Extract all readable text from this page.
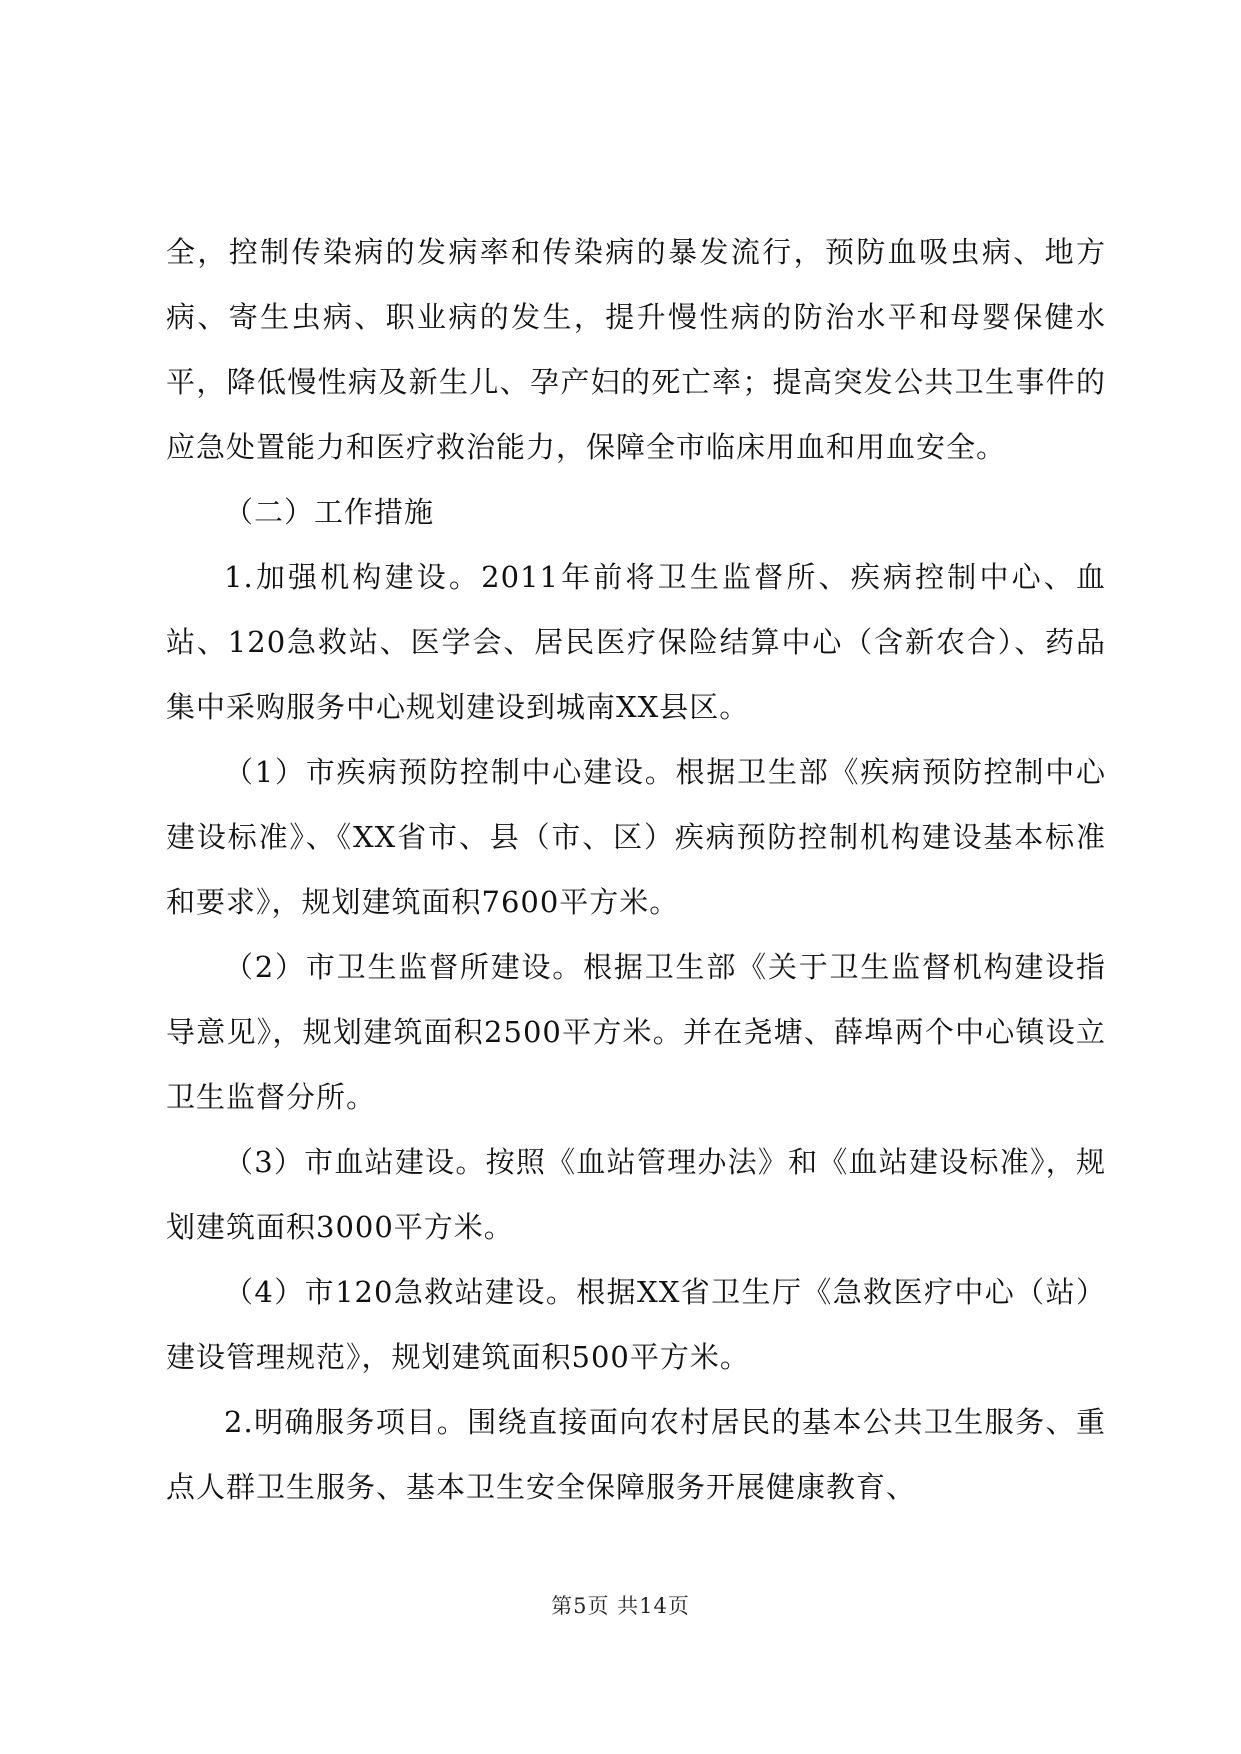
全，控制传染病的发病率和传染病的暴发流行，预防血吸虫病、地方病、寄生虫病、职业病的发生，提升慢性病的防治水平和母婴保健水平，降低慢性病及新生儿、孕产妇的死亡率；提高突发公共卫生事件的应急处置能力和医疗救治能力，保障全市临床用血和用血安全。

（二）工作措施

1.加强机构建设。2011年前将卫生监督所、疾病控制中心、血站、120急救站、医学会、居民医疗保险结算中心（含新农合）、药品集中采购服务中心规划建设到城南XX县区。

（1）市疾病预防控制中心建设。根据卫生部《疾病预防控制中心建设标准》、《XX省市、县（市、区）疾病预防控制机构建设基本标准和要求》，规划建筑面积7600平方米。

（2）市卫生监督所建设。根据卫生部《关于卫生监督机构建设指导意见》，规划建筑面积2500平方米。并在尧塘、薛埠两个中心镇设立卫生监督分所。

（3）市血站建设。按照《血站管理办法》和《血站建设标准》，规划建筑面积3000平方米。

（4）市120急救站建设。根据XX省卫生厅《急救医疗中心（站）建设管理规范》，规划建筑面积500平方米。

2.明确服务项目。围绕直接面向农村居民的基本公共卫生服务、重点人群卫生服务、基本卫生安全保障服务开展健康教育、

第5页 共14页
